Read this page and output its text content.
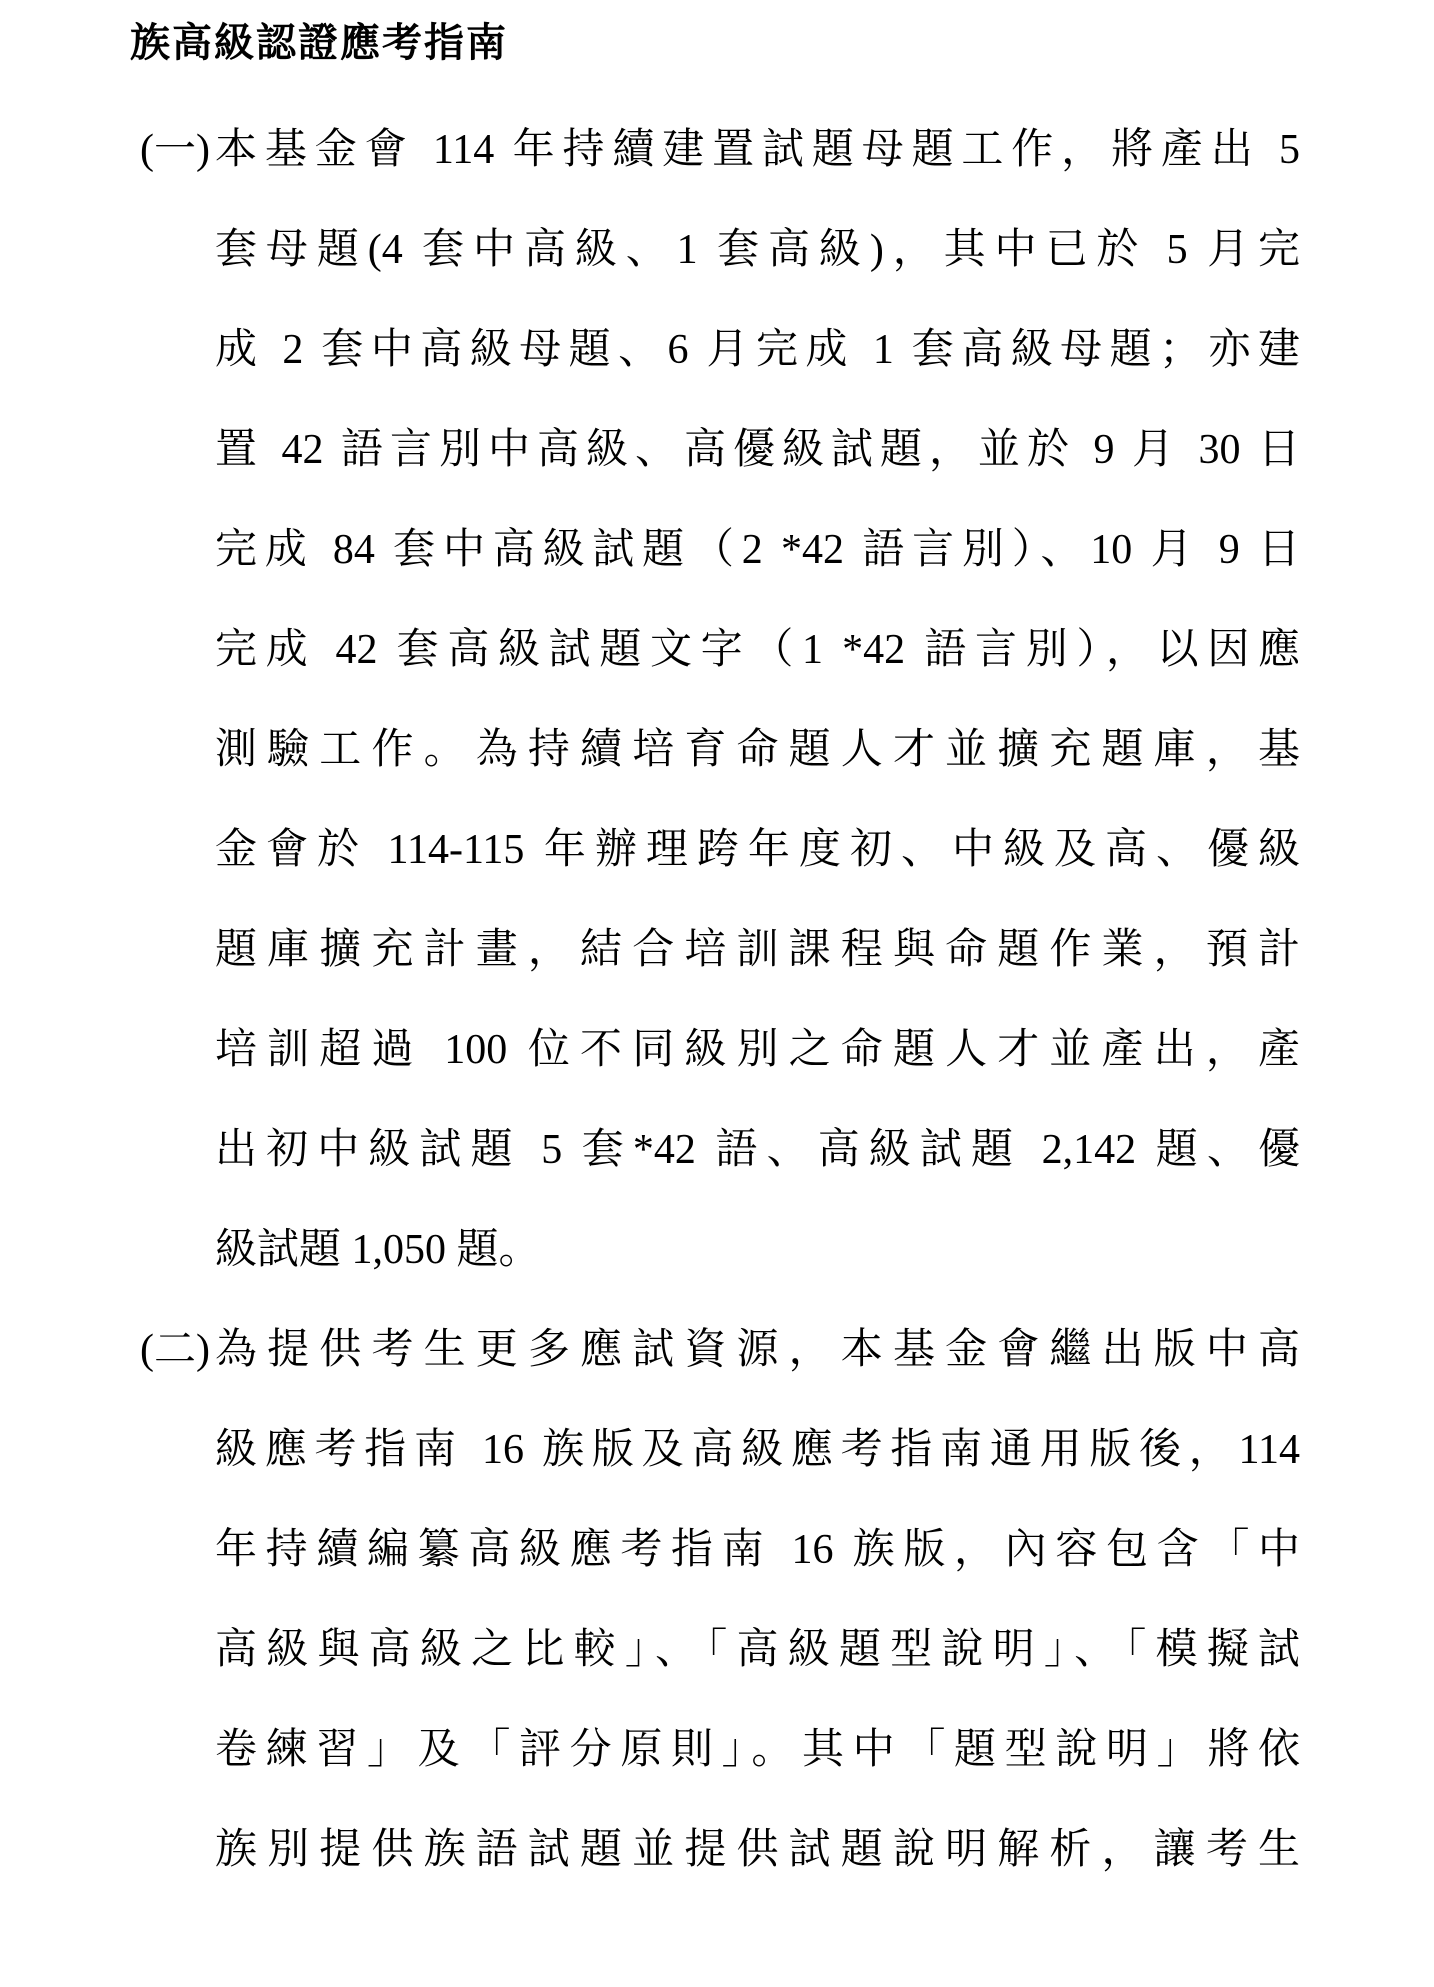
族高級認證應考指南
(一) 本基金會 114 年持續建置試題母題工作，將產出 5
套母題(4 套中高級、1 套高級)，其中已於 5 月完
成 2 套中高級母題、6 月完成 1 套高級母題；亦建
置 42 語言別中高級、高優級試題，並於 9 月 30 日
完成 84 套中高級試題（2 *42 語言別）、10 月 9 日
完成 42 套高級試題文字（1 *42 語言別），以因應
測驗工作。為持續培育命題人才並擴充題庫，基
金會於 114-115 年辦理跨年度初、中級及高、優級
題庫擴充計畫，結合培訓課程與命題作業，預計
培訓超過 100 位不同級別之命題人才並產出，產
出初中級試題 5 套*42 語、高級試題 2,142 題、優
級試題 1,050 題。
(二) 為提供考生更多應試資源，本基金會繼出版中高
級應考指南 16 族版及高級應考指南通用版後，114
年持續編纂高級應考指南 16 族版，內容包含「中
高級與高級之比較」、「高級題型說明」、「模擬試
卷練習」及「評分原則」。其中「題型說明」將依
族別提供族語試題並提供試題說明解析，讓考生
